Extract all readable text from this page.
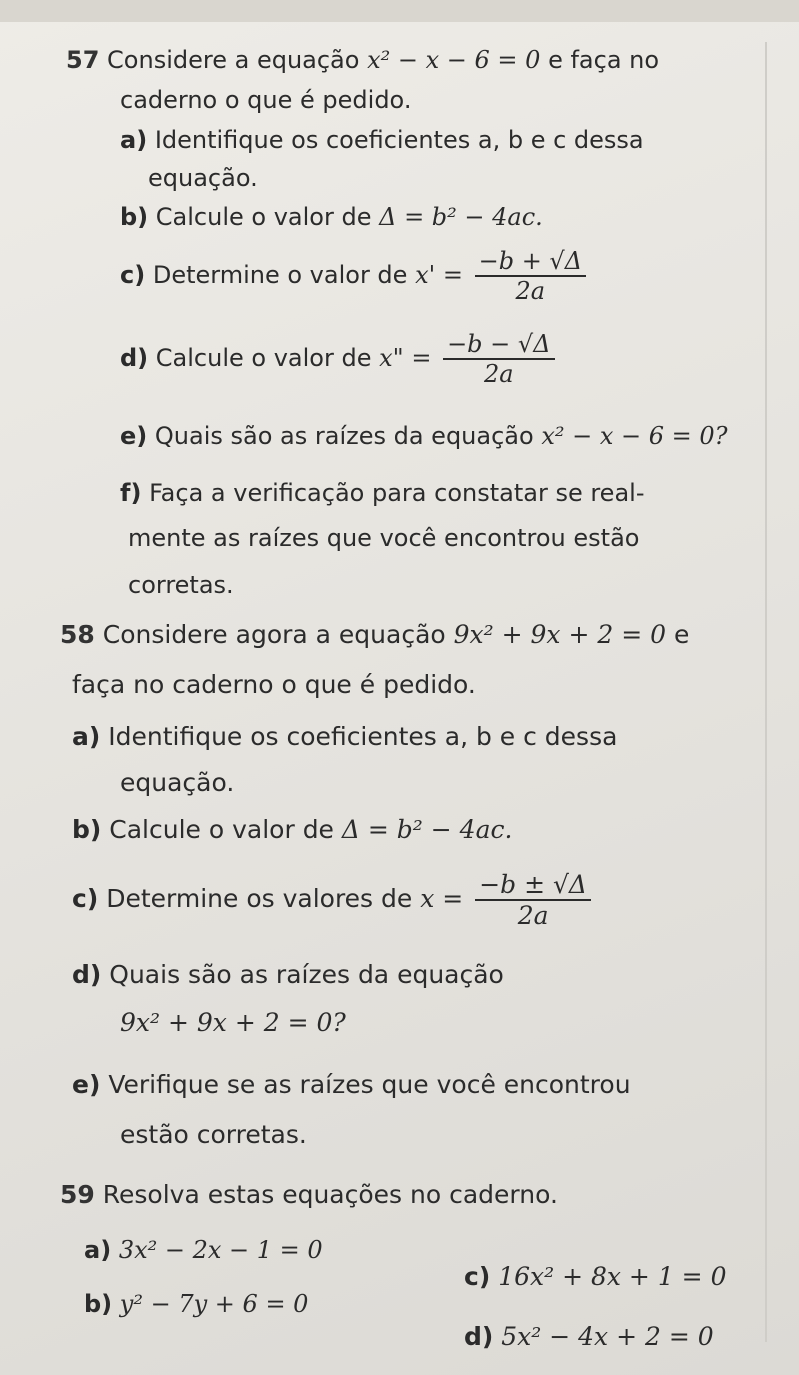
57 Considere a equação x² − x − 6 = 0 e faça no
caderno o que é pedido.
a) Identifique os coeficientes a, b e c dessa
equação.
b) Calcule o valor de Δ = b² − 4ac.
c) Determine o valor de $x' = \frac{-b + √\Delta}{2a}$
d) Calcule o valor de x" = $\frac{-b - √\Delta}{2a}$
e) Quais são as raízes da equação x² − x − 6 = 0?
f) Faça a verificação para constatar se real-
mente as raízes que você encontrou estão
corretas.
58 Considere agora a equação 9x² + 9x + 2 = 0 e
faça no caderno o que é pedido.
a) Identifique os coeficientes a, b e c dessa
equação.
b) Calcule o valor de Δ = b² − 4ac.
c) Determine os valores de $x = \frac{-b \pm √\Delta}{2a}$
d) Quais são as raízes da equação
9x² + 9x + 2 = 0?
e) Verifique se as raízes que você encontrou
estão corretas.
59 Resolva estas equações no caderno.
a) 3x² − 2x − 1 = 0
b) y² − 7y + 6 = 0
c) 16x² + 8x + 1 = 0
d) 5x² − 4x + 2 = 0
